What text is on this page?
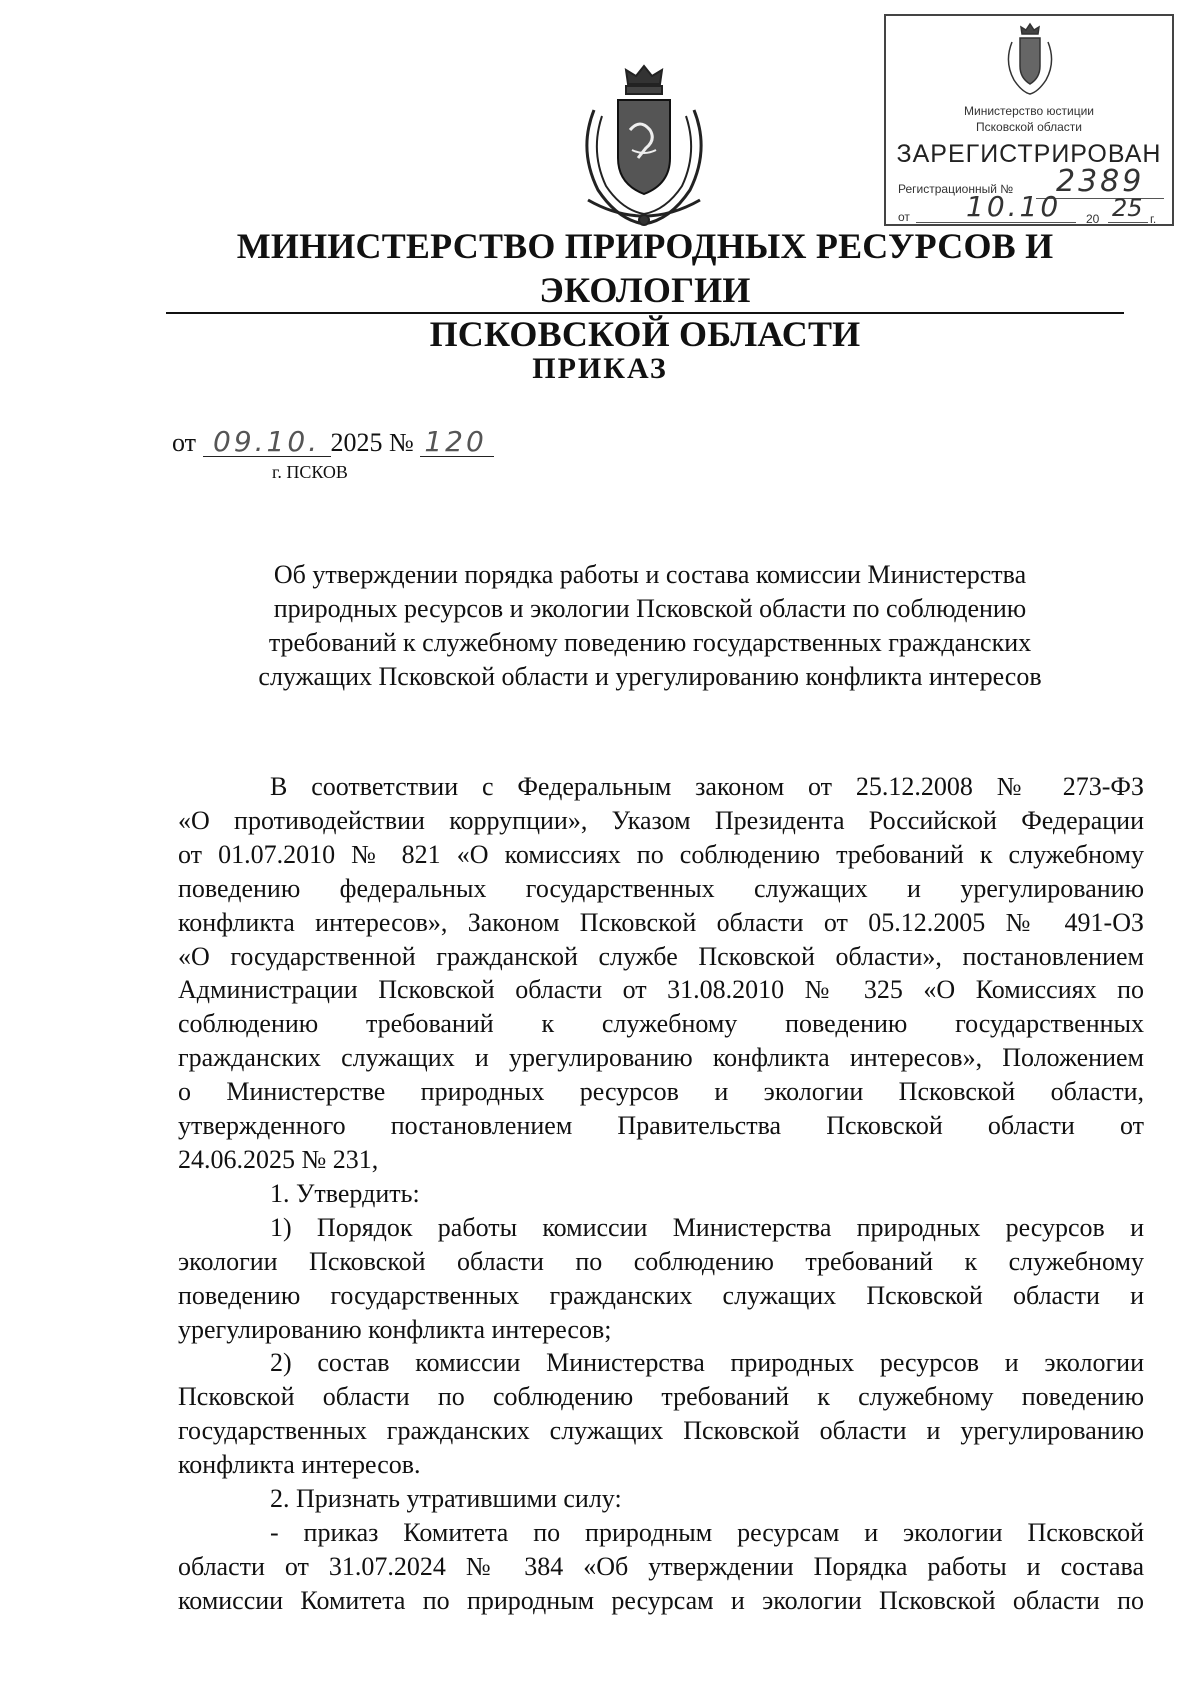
Министерство юстиции
Псковской области
ЗАРЕГИСТРИРОВАН
Регистрационный № 2389
от 10.10 20 25 г.
МИНИСТЕРСТВО ПРИРОДНЫХ РЕСУРСОВ И ЭКОЛОГИИ
ПСКОВСКОЙ ОБЛАСТИ
ПРИКАЗ
от 09.10. 2025 № 120
г. ПСКОВ
Об утверждении порядка работы и состава комиссии Министерства
природных ресурсов и экологии Псковской области по соблюдению
требований к служебному поведению государственных гражданских
служащих Псковской области и урегулированию конфликта интересов

В соответствии с Федеральным законом от 25.12.2008 № 273-ФЗ

«О противодействии коррупции», Указом Президента Российской Федерации

от 01.07.2010 № 821 «О комиссиях по соблюдению требований к служебному

поведению федеральных государственных служащих и урегулированию

конфликта интересов», Законом Псковской области от 05.12.2005 № 491-ОЗ

«О государственной гражданской службе Псковской области», постановлением

Администрации Псковской области от 31.08.2010 № 325 «О Комиссиях по

соблюдению требований к служебному поведению государственных

гражданских служащих и урегулированию конфликта интересов», Положением

о Министерстве природных ресурсов и экологии Псковской области,

утвержденного постановлением Правительства Псковской области от

24.06.2025 № 231,

1. Утвердить:

1) Порядок работы комиссии Министерства природных ресурсов и

экологии Псковской области по соблюдению требований к служебному

поведению государственных гражданских служащих Псковской области и

урегулированию конфликта интересов;

2) состав комиссии Министерства природных ресурсов и экологии

Псковской области по соблюдению требований к служебному поведению

государственных гражданских служащих Псковской области и урегулированию

конфликта интересов.

2. Признать утратившими силу:

- приказ Комитета по природным ресурсам и экологии Псковской

области от 31.07.2024 № 384 «Об утверждении Порядка работы и состава

комиссии Комитета по природным ресурсам и экологии Псковской области по
